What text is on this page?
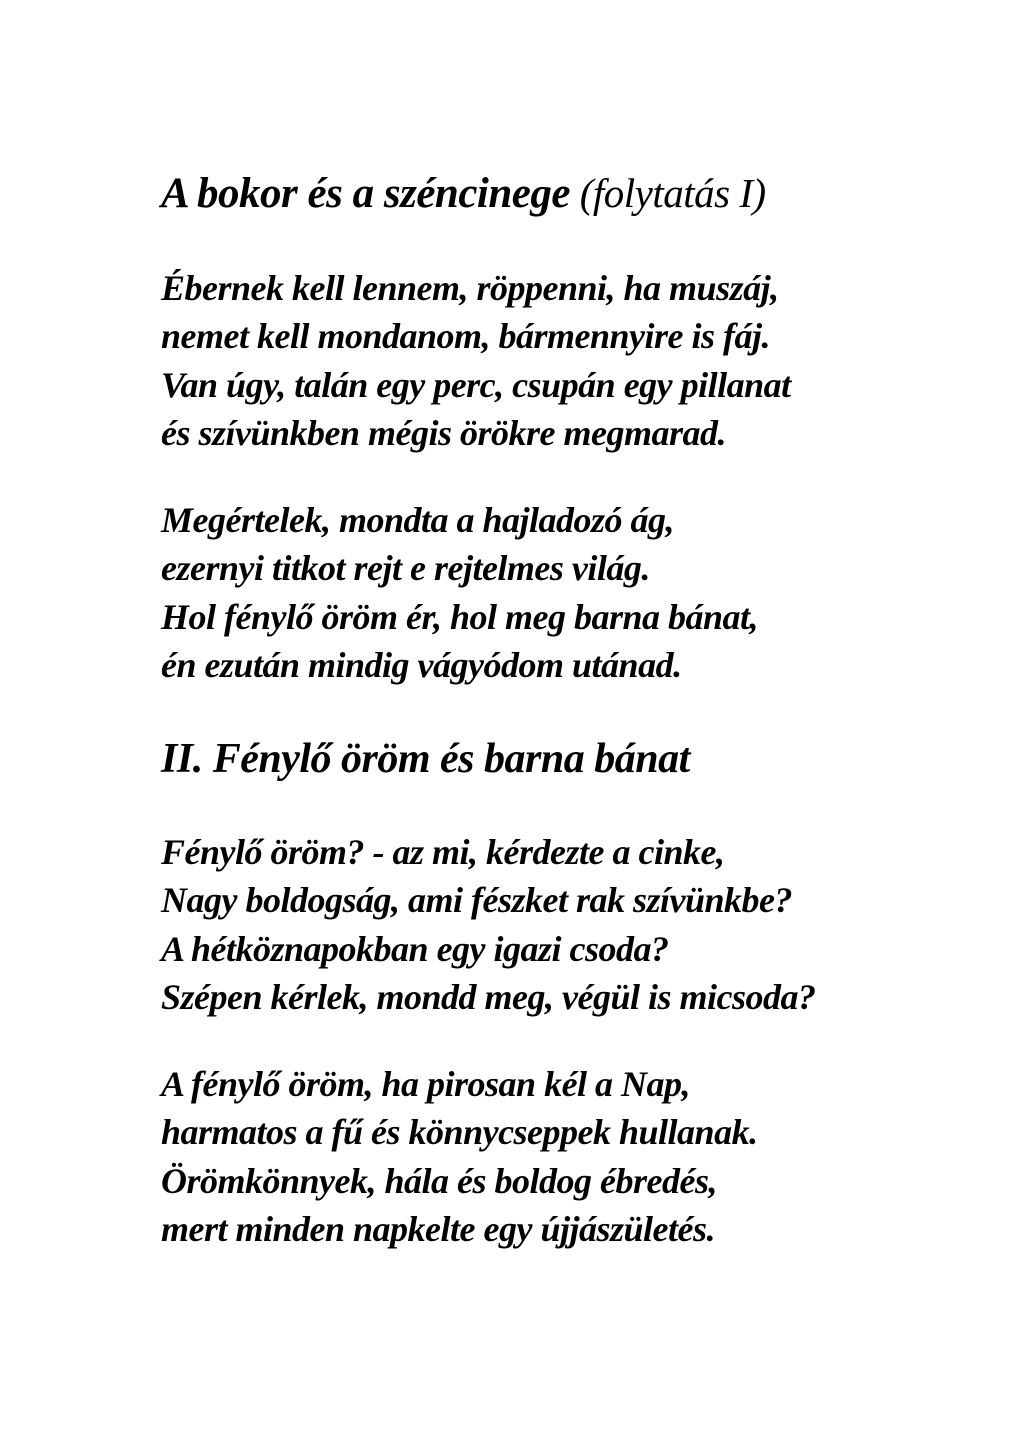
A bokor és a széncinege (folytatás I)
Ébernek kell lennem, röppenni, ha muszáj,
nemet kell mondanom, bármennyire is fáj.
Van úgy, talán egy perc, csupán egy pillanat
és szívünkben mégis örökre megmarad.
Megértelek, mondta a hajladozó ág,
ezernyi titkot rejt e rejtelmes világ.
Hol fénylő öröm ér, hol meg barna bánat,
én ezután mindig vágyódom utánad.
II. Fénylő öröm és barna bánat
Fénylő öröm? - az mi, kérdezte a cinke,
Nagy boldogság, ami fészket rak szívünkbe?
A hétköznapokban egy igazi csoda?
Szépen kérlek, mondd meg, végül is micsoda?
A fénylő öröm, ha pirosan kél a Nap,
harmatos a fű és könnycseppek hullanak.
Örömkönnyek, hála és boldog ébredés,
mert minden napkelte egy újjászületés.
